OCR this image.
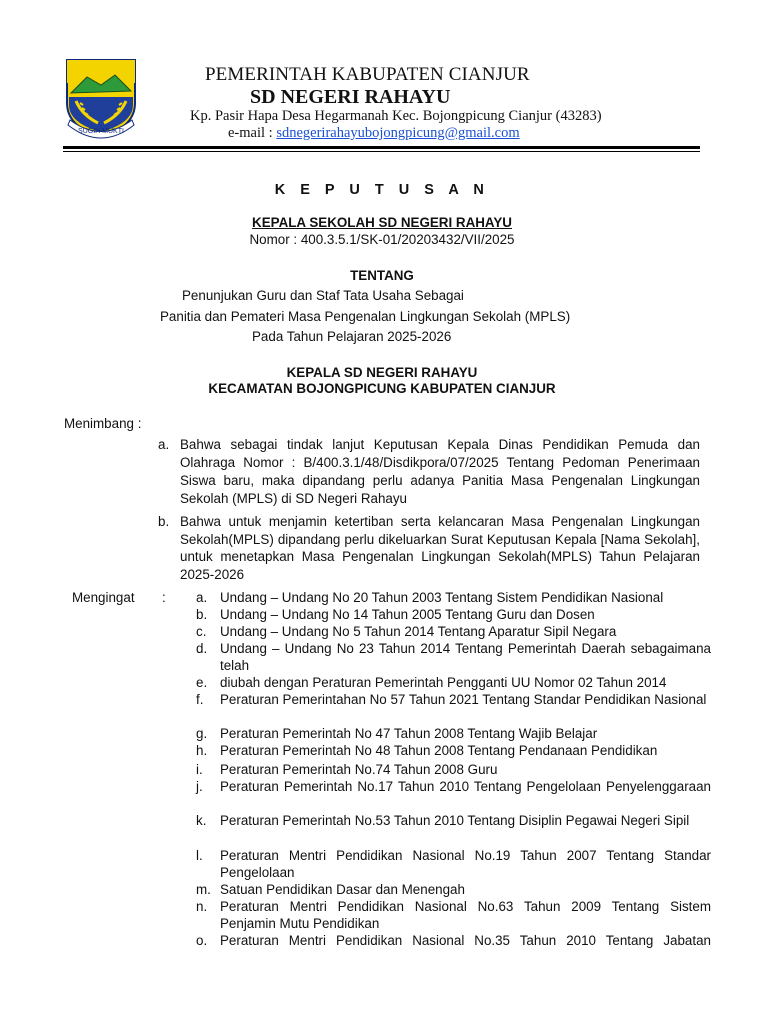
SUGIH MUKTI
PEMERINTAH KABUPATEN CIANJUR
SD NEGERI RAHAYU
Kp. Pasir Hapa Desa Hegarmanah Kec. Bojongpicung Cianjur (43283)
e-mail : sdnegerirahayubojongpicung@gmail.com
K E P U T U S A N
KEPALA SEKOLAH SD NEGERI RAHAYU
Nomor : 400.3.5.1/SK-01/20203432/VII/2025
TENTANG
Penunjukan Guru dan Staf Tata Usaha Sebagai
Panitia dan Pemateri Masa Pengenalan Lingkungan Sekolah (MPLS)
Pada Tahun Pelajaran 2025-2026
KEPALA SD NEGERI RAHAYU
KECAMATAN BOJONGPICUNG KABUPATEN CIANJUR
Menimbang :
a. Bahwa sebagai tindak lanjut Keputusan Kepala Dinas Pendidikan Pemuda dan Olahraga Nomor : B/400.3.1/48/Disdikpora/07/2025 Tentang Pedoman Penerimaan Siswa baru, maka dipandang perlu adanya Panitia Masa Pengenalan Lingkungan Sekolah (MPLS) di SD Negeri Rahayu
b. Bahwa untuk menjamin ketertiban serta kelancaran Masa Pengenalan Lingkungan Sekolah(MPLS) dipandang perlu dikeluarkan Surat Keputusan Kepala [Nama Sekolah], untuk menetapkan Masa Pengenalan Lingkungan Sekolah(MPLS) Tahun Pelajaran 2025-2026
Mengingat : a. Undang – Undang No 20 Tahun 2003 Tentang Sistem Pendidikan Nasional
b. Undang – Undang No 14 Tahun 2005 Tentang Guru dan Dosen
c. Undang – Undang No 5 Tahun 2014 Tentang Aparatur Sipil Negara
d. Undang – Undang No 23 Tahun 2014 Tentang Pemerintah Daerah sebagaimana telah
e. diubah dengan Peraturan Pemerintah Pengganti UU Nomor 02 Tahun 2014
f. Peraturan Pemerintahan No 57 Tahun 2021 Tentang Standar Pendidikan Nasional
g. Peraturan Pemerintah No 47 Tahun 2008 Tentang Wajib Belajar
h. Peraturan Pemerintah No 48 Tahun 2008 Tentang Pendanaan Pendidikan
i. Peraturan Pemerintah No.74 Tahun 2008 Guru
j. Peraturan Pemerintah No.17 Tahun 2010 Tentang Pengelolaan Penyelenggaraan
k. Peraturan Pemerintah No.53 Tahun 2010 Tentang Disiplin Pegawai Negeri Sipil
l. Peraturan Mentri Pendidikan Nasional No.19 Tahun 2007 Tentang Standar Pengelolaan
m. Satuan Pendidikan Dasar dan Menengah
n. Peraturan Mentri Pendidikan Nasional No.63 Tahun 2009 Tentang Sistem Penjamin Mutu Pendidikan
o. Peraturan Mentri Pendidikan Nasional No.35 Tahun 2010 Tentang Jabatan
